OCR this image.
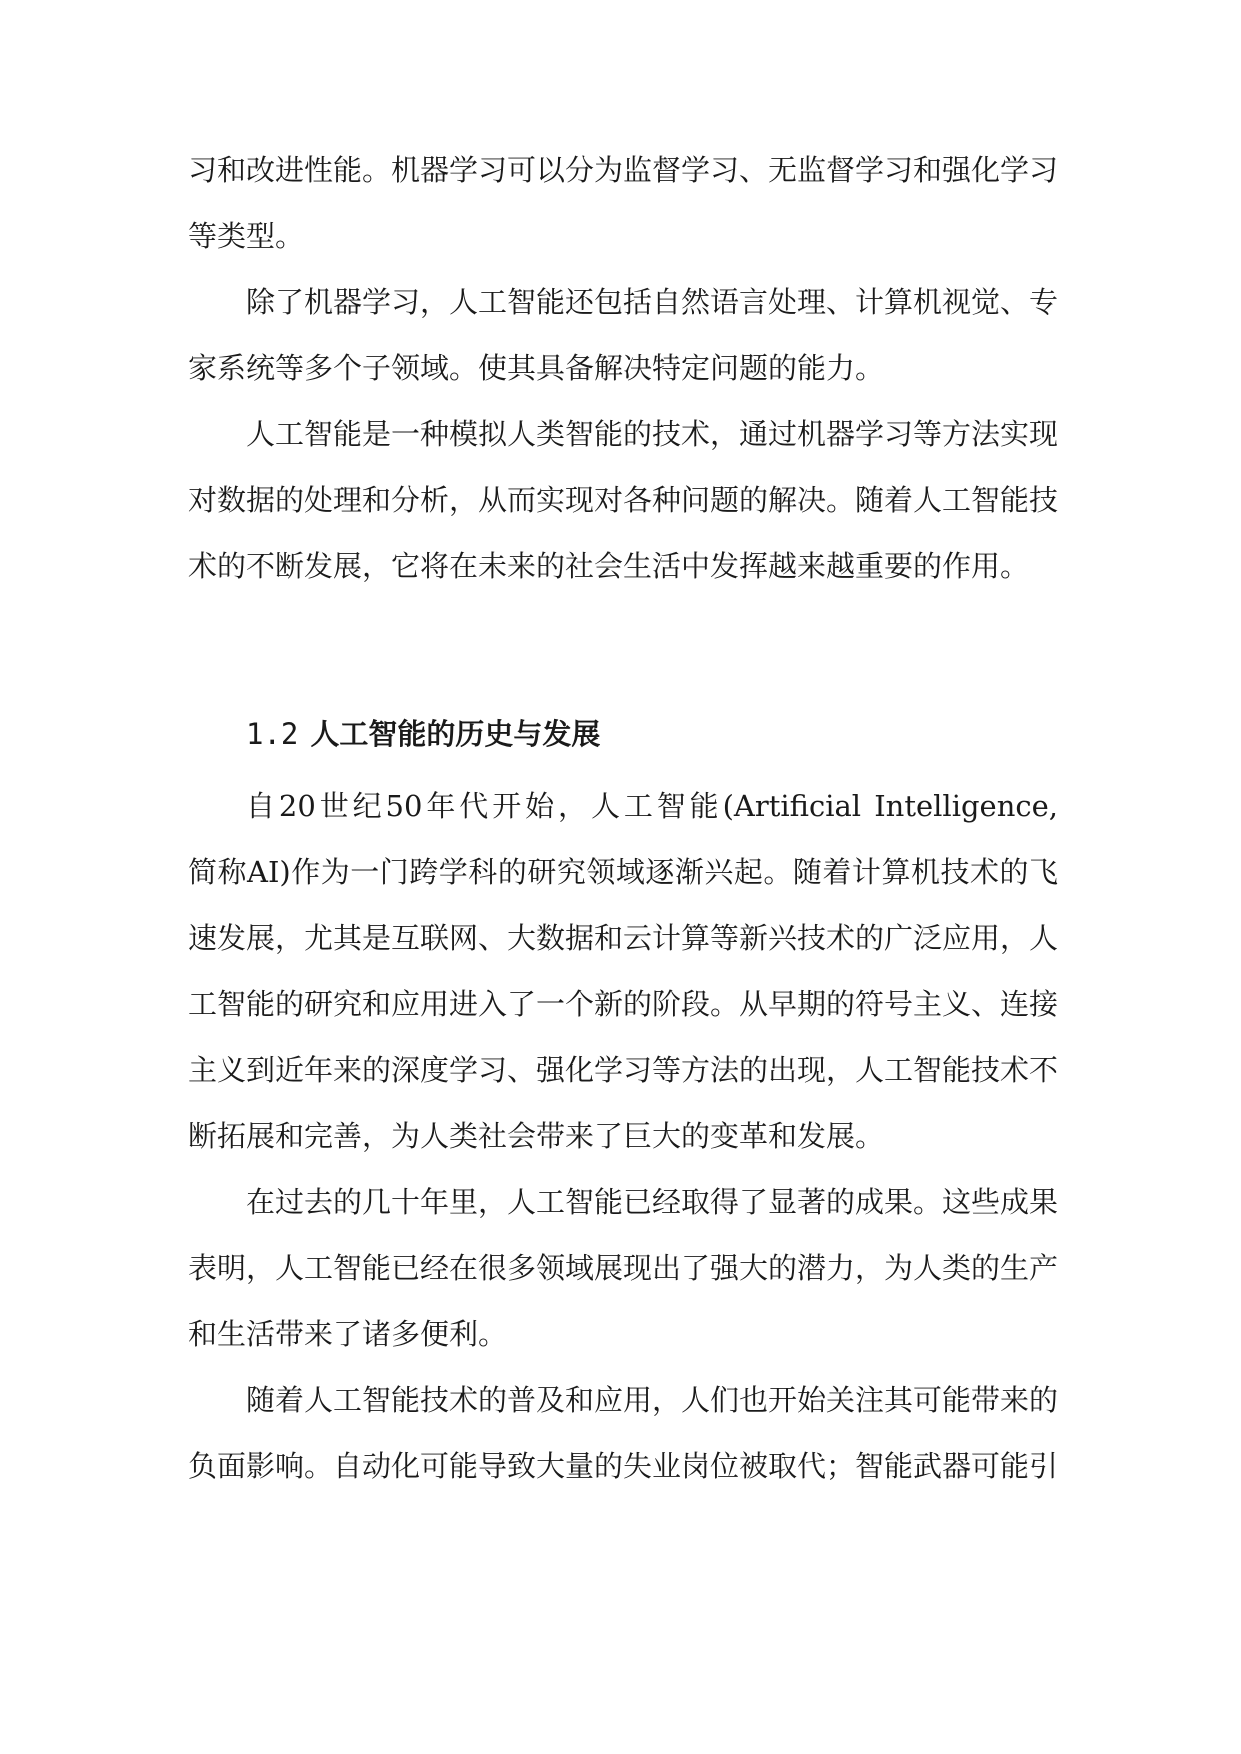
习和改进性能。机器学习可以分为监督学习、无监督学习和强化学习
等类型。
除了机器学习，人工智能还包括自然语言处理、计算机视觉、专
家系统等多个子领域。使其具备解决特定问题的能力。
人工智能是一种模拟人类智能的技术，通过机器学习等方法实现
对数据的处理和分析，从而实现对各种问题的解决。随着人工智能技
术的不断发展，它将在未来的社会生活中发挥越来越重要的作用。
1.2 人工智能的历史与发展
自20世纪50年代开始，人工智能(Artificial Intelligence,
简称AI)作为一门跨学科的研究领域逐渐兴起。随着计算机技术的飞
速发展，尤其是互联网、大数据和云计算等新兴技术的广泛应用，人
工智能的研究和应用进入了一个新的阶段。从早期的符号主义、连接
主义到近年来的深度学习、强化学习等方法的出现，人工智能技术不
断拓展和完善，为人类社会带来了巨大的变革和发展。
在过去的几十年里，人工智能已经取得了显著的成果。这些成果
表明，人工智能已经在很多领域展现出了强大的潜力，为人类的生产
和生活带来了诸多便利。
随着人工智能技术的普及和应用，人们也开始关注其可能带来的
负面影响。自动化可能导致大量的失业岗位被取代；智能武器可能引
